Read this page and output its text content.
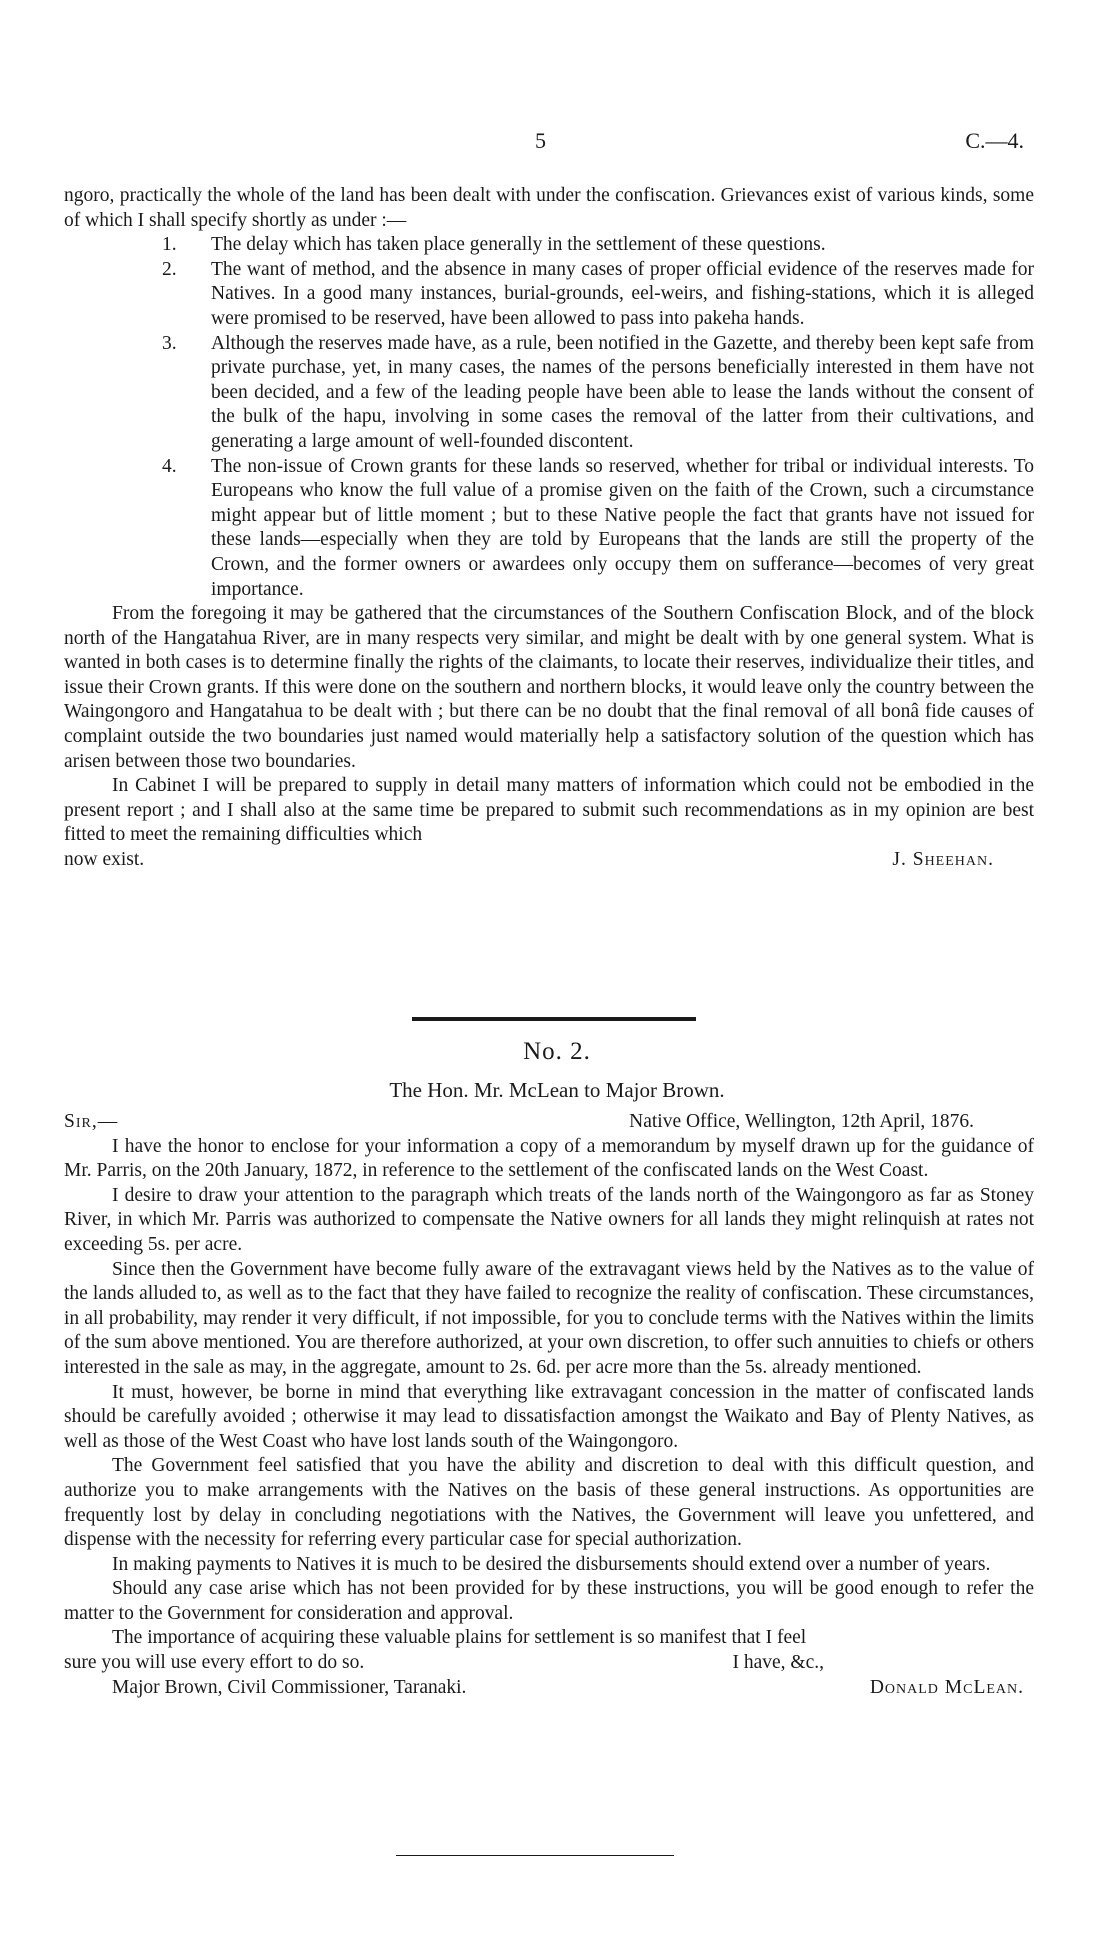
5	C.—4.

ngoro, practically the whole of the land has been dealt with under the confiscation. Grievances exist of various kinds, some of which I shall specify shortly as under :—

1.	The delay which has taken place generally in the settlement of these questions.
2.	The want of method, and the absence in many cases of proper official evidence of the reserves made for Natives. In a good many instances, burial-grounds, eel-weirs, and fishing-stations, which it is alleged were promised to be reserved, have been allowed to pass into pakeha hands.
3.	Although the reserves made have, as a rule, been notified in the Gazette, and thereby been kept safe from private purchase, yet, in many cases, the names of the persons beneficially interested in them have not been decided, and a few of the leading people have been able to lease the lands without the consent of the bulk of the hapu, involving in some cases the removal of the latter from their cultivations, and generating a large amount of well-founded discontent.
4.	The non-issue of Crown grants for these lands so reserved, whether for tribal or individual interests. To Europeans who know the full value of a promise given on the faith of the Crown, such a circumstance might appear but of little moment ; but to these Native people the fact that grants have not issued for these lands—especially when they are told by Europeans that the lands are still the property of the Crown, and the former owners or awardees only occupy them on sufferance—becomes of very great importance.

From the foregoing it may be gathered that the circumstances of the Southern Confiscation Block, and of the block north of the Hangatahua River, are in many respects very similar, and might be dealt with by one general system. What is wanted in both cases is to determine finally the rights of the claimants, to locate their reserves, individualize their titles, and issue their Crown grants. If this were done on the southern and northern blocks, it would leave only the country between the Waingongoro and Hangatahua to be dealt with ; but there can be no doubt that the final removal of all bonâ fide causes of complaint outside the two boundaries just named would materially help a satisfactory solution of the question which has arisen between those two boundaries.

In Cabinet I will be prepared to supply in detail many matters of information which could not be embodied in the present report ; and I shall also at the same time be prepared to submit such recommendations as in my opinion are best fitted to meet the remaining difficulties which

now exist.	J. Sheehan.
No. 2.
The Hon. Mr. McLean to Major Brown.
Sir,—	Native Office, Wellington, 12th April, 1876.

I have the honor to enclose for your information a copy of a memorandum by myself drawn up for the guidance of Mr. Parris, on the 20th January, 1872, in reference to the settlement of the confiscated lands on the West Coast.

I desire to draw your attention to the paragraph which treats of the lands north of the Waingongoro as far as Stoney River, in which Mr. Parris was authorized to compensate the Native owners for all lands they might relinquish at rates not exceeding 5s. per acre.

Since then the Government have become fully aware of the extravagant views held by the Natives as to the value of the lands alluded to, as well as to the fact that they have failed to recognize the reality of confiscation. These circumstances, in all probability, may render it very difficult, if not impossible, for you to conclude terms with the Natives within the limits of the sum above mentioned. You are therefore authorized, at your own discretion, to offer such annuities to chiefs or others interested in the sale as may, in the aggregate, amount to 2s. 6d. per acre more than the 5s. already mentioned.

It must, however, be borne in mind that everything like extravagant concession in the matter of confiscated lands should be carefully avoided ; otherwise it may lead to dissatisfaction amongst the Waikato and Bay of Plenty Natives, as well as those of the West Coast who have lost lands south of the Waingongoro.

The Government feel satisfied that you have the ability and discretion to deal with this difficult question, and authorize you to make arrangements with the Natives on the basis of these general instructions. As opportunities are frequently lost by delay in concluding negotiations with the Natives, the Government will leave you unfettered, and dispense with the necessity for referring every particular case for special authorization.

In making payments to Natives it is much to be desired the disbursements should extend over a number of years.

Should any case arise which has not been provided for by these instructions, you will be good enough to refer the matter to the Government for consideration and approval.

The importance of acquiring these valuable plains for settlement is so manifest that I feel

sure you will use every effort to do so.	I have, &c.,
Major Brown, Civil Commissioner, Taranaki.	Donald McLean.
